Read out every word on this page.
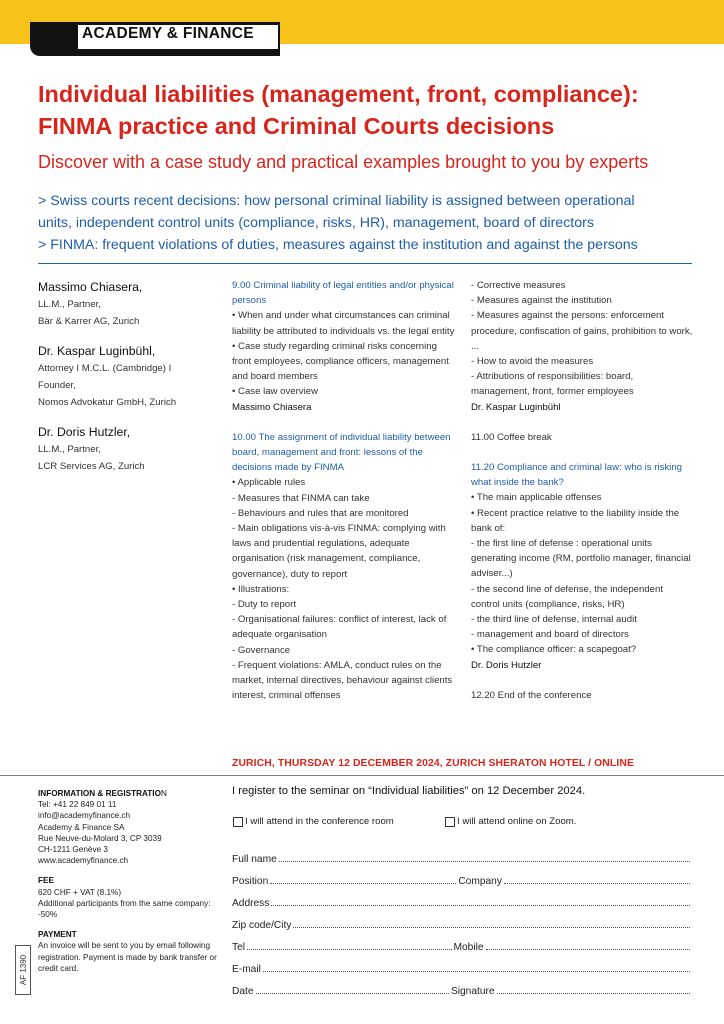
ACADEMY & FINANCE
Individual liabilities (management, front, compliance):
FINMA practice and Criminal Courts decisions
Discover with a case study and practical examples brought to you by experts
> Swiss courts recent decisions: how personal criminal liability is assigned between operational
units, independent control units (compliance, risks, HR), management, board of directors
> FINMA: frequent violations of duties, measures against the institution and against the persons
Massimo Chiasera,
LL.M., Partner,
Bär & Karrer AG, Zurich
Dr. Kaspar Luginbühl,
Attorney I M.C.L. (Cambridge) I
Founder,
Nomos Advokatur GmbH, Zurich
Dr. Doris Hutzler,
LL.M., Partner,
LCR Services AG, Zurich
9.00 Criminal liability of legal entities and/or physical persons
• When and under what circumstances can criminal liability be attributed to individuals vs. the legal entity
• Case study regarding criminal risks concerning front employees, compliance officers, management and board members
• Case law overview
Massimo Chiasera
10.00 The assignment of individual liability between board, management and front: lessons of the decisions made by FINMA
• Applicable rules
- Measures that FINMA can take
- Behaviours and rules that are monitored
- Main obligations vis-à-vis FINMA: complying with laws and prudential regulations, adequate organisation (risk management, compliance, governance), duty to report
• Illustrations:
- Duty to report
- Organisational failures: conflict of interest, lack of adequate organisation
- Governance
- Frequent violations: AMLA, conduct rules on the market, internal directives, behaviour against clients interest, criminal offenses
- Corrective measures
- Measures against the institution
- Measures against the persons: enforcement procedure, confiscation of gains, prohibition to work, ...
- How to avoid the measures
- Attributions of responsibilities: board, management, front, former employees
Dr. Kaspar Luginbühl
11.00 Coffee break
11.20 Compliance and criminal law: who is risking what inside the bank?
• The main applicable offenses
• Recent practice relative to the liability inside the bank of:
- the first line of defense : operational units generating income (RM, portfolio manager, financial adviser...)
- the second line of defense, the independent control units (compliance, risks, HR)
- the third line of defense, internal audit
- management and board of directors
• The compliance officer: a scapegoat?
Dr. Doris Hutzler
12.20 End of the conference
ZURICH, THURSDAY 12 DECEMBER 2024, ZURICH SHERATON HOTEL / ONLINE
INFORMATION & REGISTRATION
Tel: +41 22 849 01 11
info@academyfinance.ch
Academy & Finance SA
Rue Neuve-du-Molard 3, CP 3039
CH-1211 Genève 3
www.academyfinance.ch
FEE
620 CHF + VAT (8.1%)
Additional participants from the same company: -50%
PAYMENT
An invoice will be sent to you by email following registration. Payment is made by bank transfer or credit card.
AF 1390
I register to the seminar on “Individual liabilities” on 12 December 2024.
I will attend in the conference room	I will attend online on Zoom.
Full name
Position	Company
Address
Zip code/City
Tel	Mobile
E-mail
Date	Signature
